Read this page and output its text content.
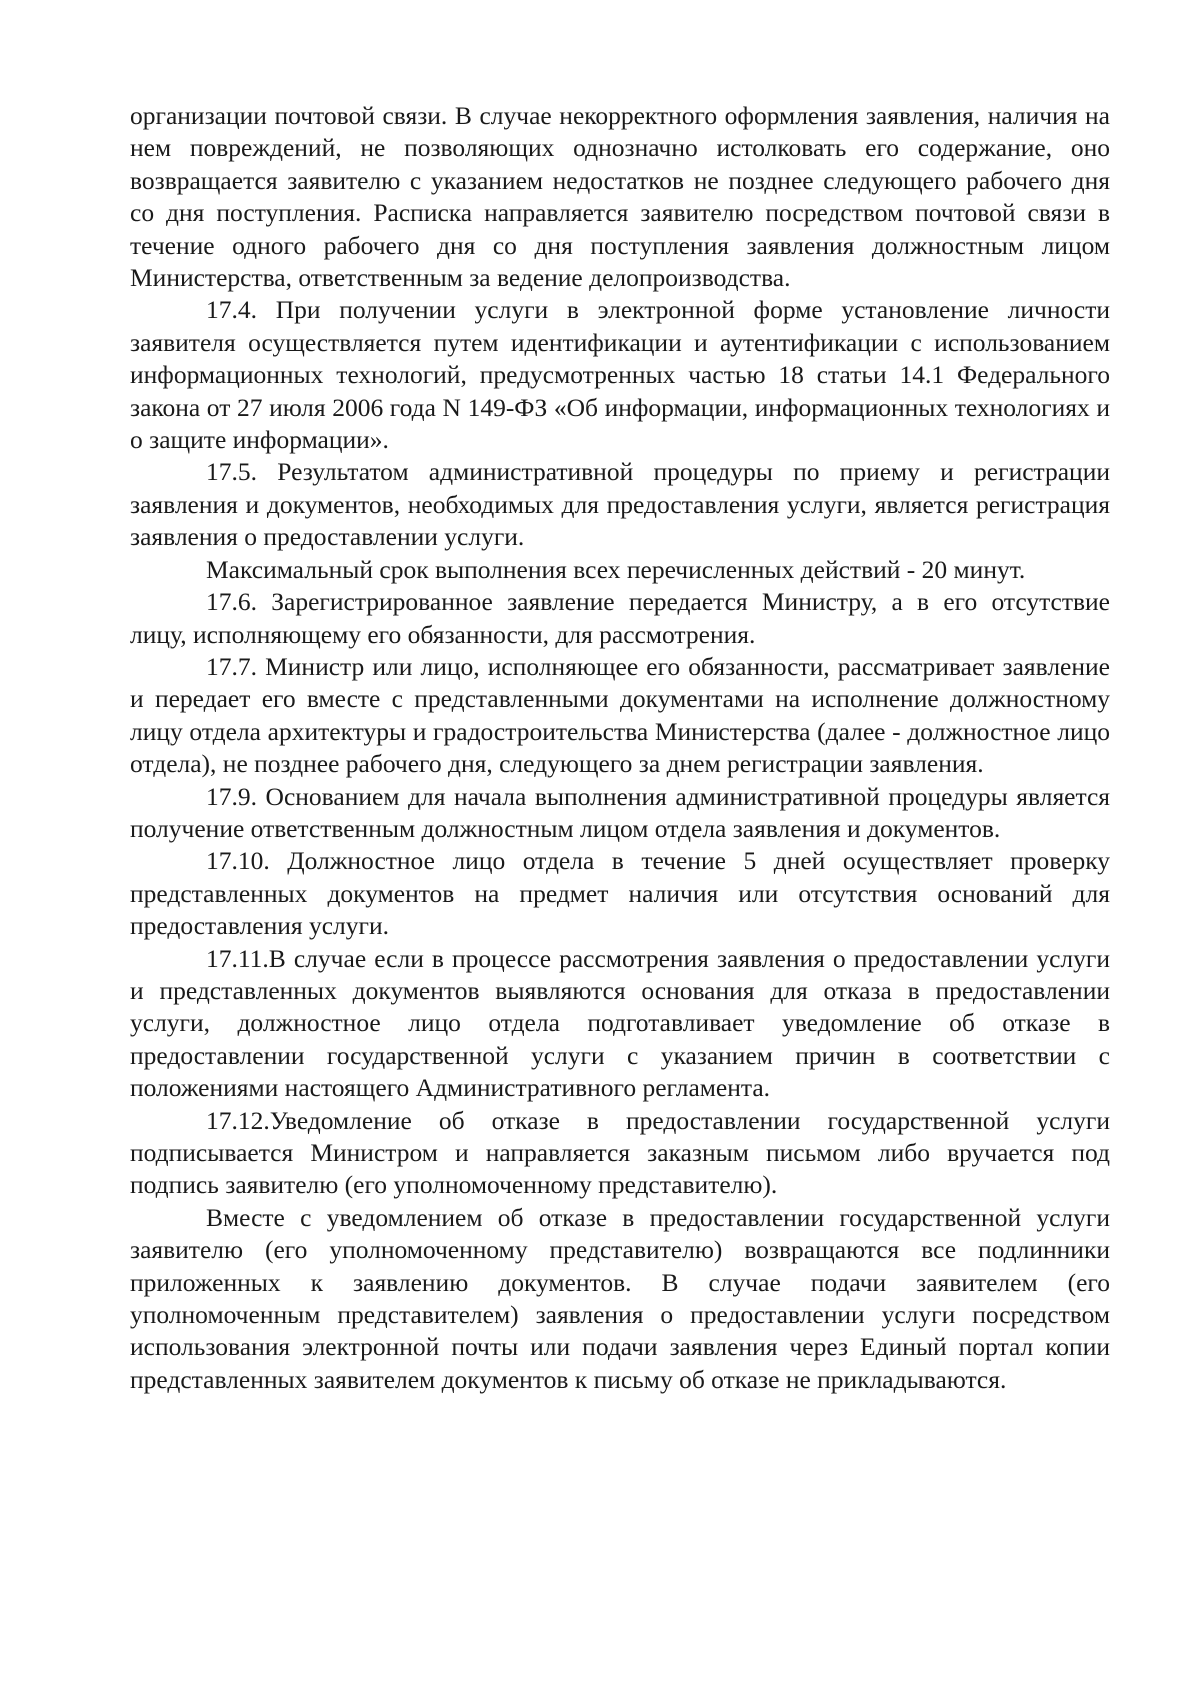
организации почтовой связи. В случае некорректного оформления заявления, наличия на нем повреждений, не позволяющих однозначно истолковать его содержание, оно возвращается заявителю с указанием недостатков не позднее следующего рабочего дня со дня поступления. Расписка направляется заявителю посредством почтовой связи в течение одного рабочего дня со дня поступления заявления должностным лицом Министерства, ответственным за ведение делопроизводства.

17.4. При получении услуги в электронной форме установление личности заявителя осуществляется путем идентификации и аутентификации с использованием информационных технологий, предусмотренных частью 18 статьи 14.1 Федерального закона от 27 июля 2006 года N 149-ФЗ «Об информации, информационных технологиях и о защите информации».

17.5. Результатом административной процедуры по приему и регистрации заявления и документов, необходимых для предоставления услуги, является регистрация заявления о предоставлении услуги.

Максимальный срок выполнения всех перечисленных действий - 20 минут.

17.6. Зарегистрированное заявление передается Министру, а в его отсутствие лицу, исполняющему его обязанности, для рассмотрения.

17.7. Министр или лицо, исполняющее его обязанности, рассматривает заявление и передает его вместе с представленными документами на исполнение должностному лицу отдела архитектуры и градостроительства Министерства (далее - должностное лицо отдела), не позднее рабочего дня, следующего за днем регистрации заявления.

17.9. Основанием для начала выполнения административной процедуры является получение ответственным должностным лицом отдела заявления и документов.

17.10. Должностное лицо отдела в течение 5 дней осуществляет проверку представленных документов на предмет наличия или отсутствия оснований для предоставления услуги.

17.11.В случае если в процессе рассмотрения заявления о предоставлении услуги и представленных документов выявляются основания для отказа в предоставлении услуги, должностное лицо отдела подготавливает уведомление об отказе в предоставлении государственной услуги с указанием причин в соответствии с положениями настоящего Административного регламента.

17.12.Уведомление об отказе в предоставлении государственной услуги подписывается Министром и направляется заказным письмом либо вручается под подпись заявителю (его уполномоченному представителю).

Вместе с уведомлением об отказе в предоставлении государственной услуги заявителю (его уполномоченному представителю) возвращаются все подлинники приложенных к заявлению документов. В случае подачи заявителем (его уполномоченным представителем) заявления о предоставлении услуги посредством использования электронной почты или подачи заявления через Единый портал копии представленных заявителем документов к письму об отказе не прикладываются.
